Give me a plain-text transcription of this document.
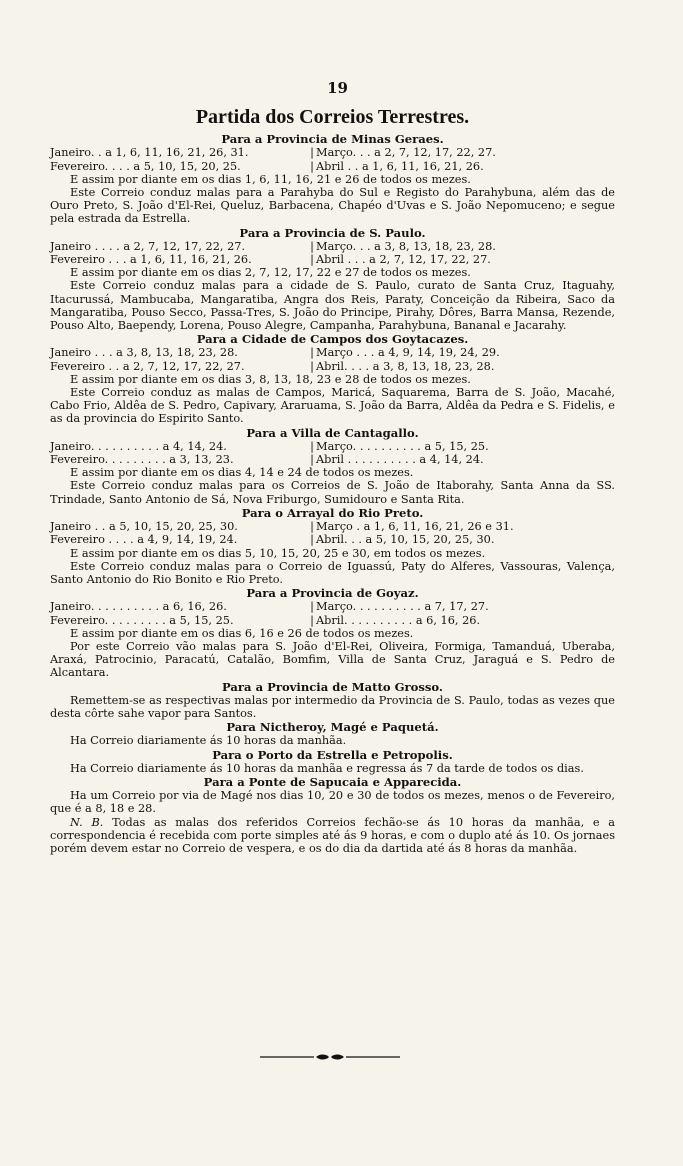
19
Partida dos Correios Terrestres.
Para a Provincia de Minas Geraes.
Janeiro. . a 1, 6, 11, 16, 21, 26, 31.	| Março. . . a 2, 7, 12, 17, 22, 27.
Fevereiro. . . . a 5, 10, 15, 20, 25.	| Abril . . a 1, 6, 11, 16, 21, 26.
E assim por diante em os dias 1, 6, 11, 16, 21 e 26 de todos os mezes.
Este Correio conduz malas para a Parahyba do Sul e Registo do Parahybuna, além das de Ouro Preto, S. João d'El-Rei, Queluz, Barbacena, Chapéo d'Uvas e S. João Nepomuceno; e segue pela estrada da Estrella.
Para a Provincia de S. Paulo.
Janeiro . . . . a 2, 7, 12, 17, 22, 27.	| Março. . . a 3, 8, 13, 18, 23, 28.
Fevereiro . . . a 1, 6, 11, 16, 21, 26.	| Abril . . . a 2, 7, 12, 17, 22, 27.
E assim por diante em os dias 2, 7, 12, 17, 22 e 27 de todos os mezes.
Este Correio conduz malas para a cidade de S. Paulo, curato de Santa Cruz, Itaguahy, Itacurussá, Mambucaba, Mangaratiba, Angra dos Reis, Paraty, Conceição da Ribeira, Saco da Mangaratiba, Pouso Secco, Passa-Tres, S. João do Principe, Pirahy, Dôres, Barra Mansa, Rezende, Pouso Alto, Baependy, Lorena, Pouso Alegre, Campanha, Parahybuna, Bananal e Jacarahy.
Para a Cidade de Campos dos Goytacazes.
Janeiro . . . a 3, 8, 13, 18, 23, 28.	| Março . . . a 4, 9, 14, 19, 24, 29.
Fevereiro . . a 2, 7, 12, 17, 22, 27.	| Abril. . . . a 3, 8, 13, 18, 23, 28.
E assim por diante em os dias 3, 8, 13, 18, 23 e 28 de todos os mezes.
Este Correio conduz as malas de Campos, Maricá, Saquarema, Barra de S. João, Macahé, Cabo Frio, Aldêa de S. Pedro, Capivary, Araruama, S. João da Barra, Aldêa da Pedra e S. Fidelis, e as da provincia do Espirito Santo.
Para a Villa de Cantagallo.
Janeiro. . . . . . . . . . a 4, 14, 24.	| Março. . . . . . . . . . a 5, 15, 25.
Fevereiro. . . . . . . . . a 3, 13, 23.	| Abril . . . . . . . . . . a 4, 14, 24.
E assim por diante em os dias 4, 14 e 24 de todos os mezes.
Este Correio conduz malas para os Correios de S. João de Itaborahy, Santa Anna da SS. Trindade, Santo Antonio de Sá, Nova Friburgo, Sumidouro e Santa Rita.
Para o Arrayal do Rio Preto.
Janeiro . . a 5, 10, 15, 20, 25, 30.	| Março . a 1, 6, 11, 16, 21, 26 e 31.
Fevereiro . . . . a 4, 9, 14, 19, 24.	| Abril. . . a 5, 10, 15, 20, 25, 30.
E assim por diante em os dias 5, 10, 15, 20, 25 e 30, em todos os mezes.
Este Correio conduz malas para o Correio de Iguassú, Paty do Alferes, Vassouras, Valença, Santo Antonio do Rio Bonito e Rio Preto.
Para a Provincia de Goyaz.
Janeiro. . . . . . . . . . a 6, 16, 26.	| Março. . . . . . . . . . a 7, 17, 27.
Fevereiro. . . . . . . . . a 5, 15, 25.	| Abril. . . . . . . . . . a 6, 16, 26.
E assim por diante em os dias 6, 16 e 26 de todos os mezes.
Por este Correio vão malas para S. João d'El-Rei, Oliveira, Formiga, Tamanduá, Uberaba, Araxá, Patrocinio, Paracatú, Catalão, Bomfim, Villa de Santa Cruz, Jaraguá e S. Pedro de Alcantara.
Para a Provincia de Matto Grosso.
Remettem-se as respectivas malas por intermedio da Provincia de S. Paulo, todas as vezes que desta côrte sahe vapor para Santos.
Para Nictheroy, Magé e Paquetá.
Ha Correio diariamente ás 10 horas da manhãa.
Para o Porto da Estrella e Petropolis.
Ha Correio diariamente ás 10 horas da manhãa e regressa ás 7 da tarde de todos os dias.
Para a Ponte de Sapucaia e Apparecida.
Ha um Correio por via de Magé nos dias 10, 20 e 30 de todos os mezes, menos o de Fevereiro, que é a 8, 18 e 28.
N. B. Todas as malas dos referidos Correios fechão-se ás 10 horas da manhãa, e a correspondencia é recebida com porte simples até ás 9 horas, e com o duplo até ás 10. Os jornaes porém devem estar no Correio de vespera, e os do dia da dartida até ás 8 horas da manhãa.
